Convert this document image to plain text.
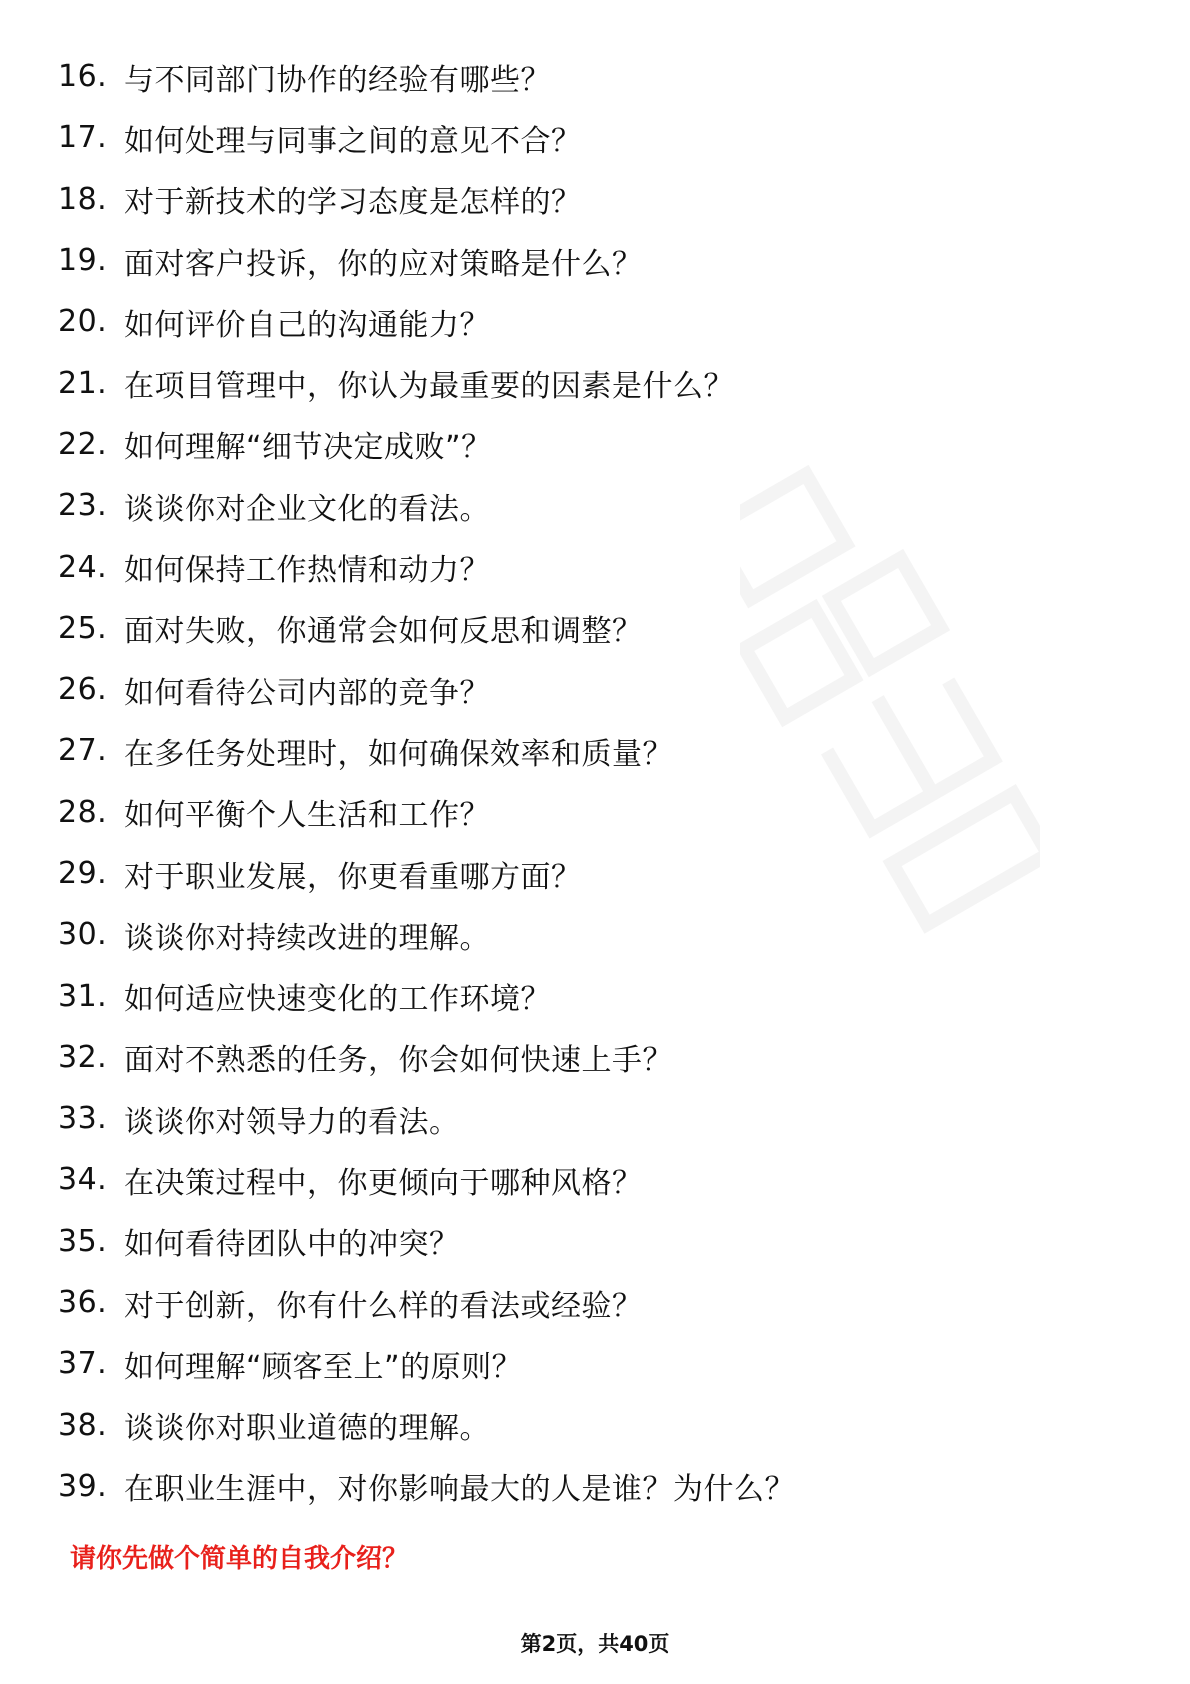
16. 与不同部门协作的经验有哪些？
17. 如何处理与同事之间的意见不合？
18. 对于新技术的学习态度是怎样的？
19. 面对客户投诉，你的应对策略是什么？
20. 如何评价自己的沟通能力？
21. 在项目管理中，你认为最重要的因素是什么？
22. 如何理解“细节决定成败”？
23. 谈谈你对企业文化的看法。
24. 如何保持工作热情和动力？
25. 面对失败，你通常会如何反思和调整？
26. 如何看待公司内部的竞争？
27. 在多任务处理时，如何确保效率和质量？
28. 如何平衡个人生活和工作？
29. 对于职业发展，你更看重哪方面？
30. 谈谈你对持续改进的理解。
31. 如何适应快速变化的工作环境？
32. 面对不熟悉的任务，你会如何快速上手？
33. 谈谈你对领导力的看法。
34. 在决策过程中，你更倾向于哪种风格？
35. 如何看待团队中的冲突？
36. 对于创新，你有什么样的看法或经验？
37. 如何理解“顾客至上”的原则？
38. 谈谈你对职业道德的理解。
39. 在职业生涯中，对你影响最大的人是谁？为什么？
请你先做个简单的自我介绍？
第2页，共40页
